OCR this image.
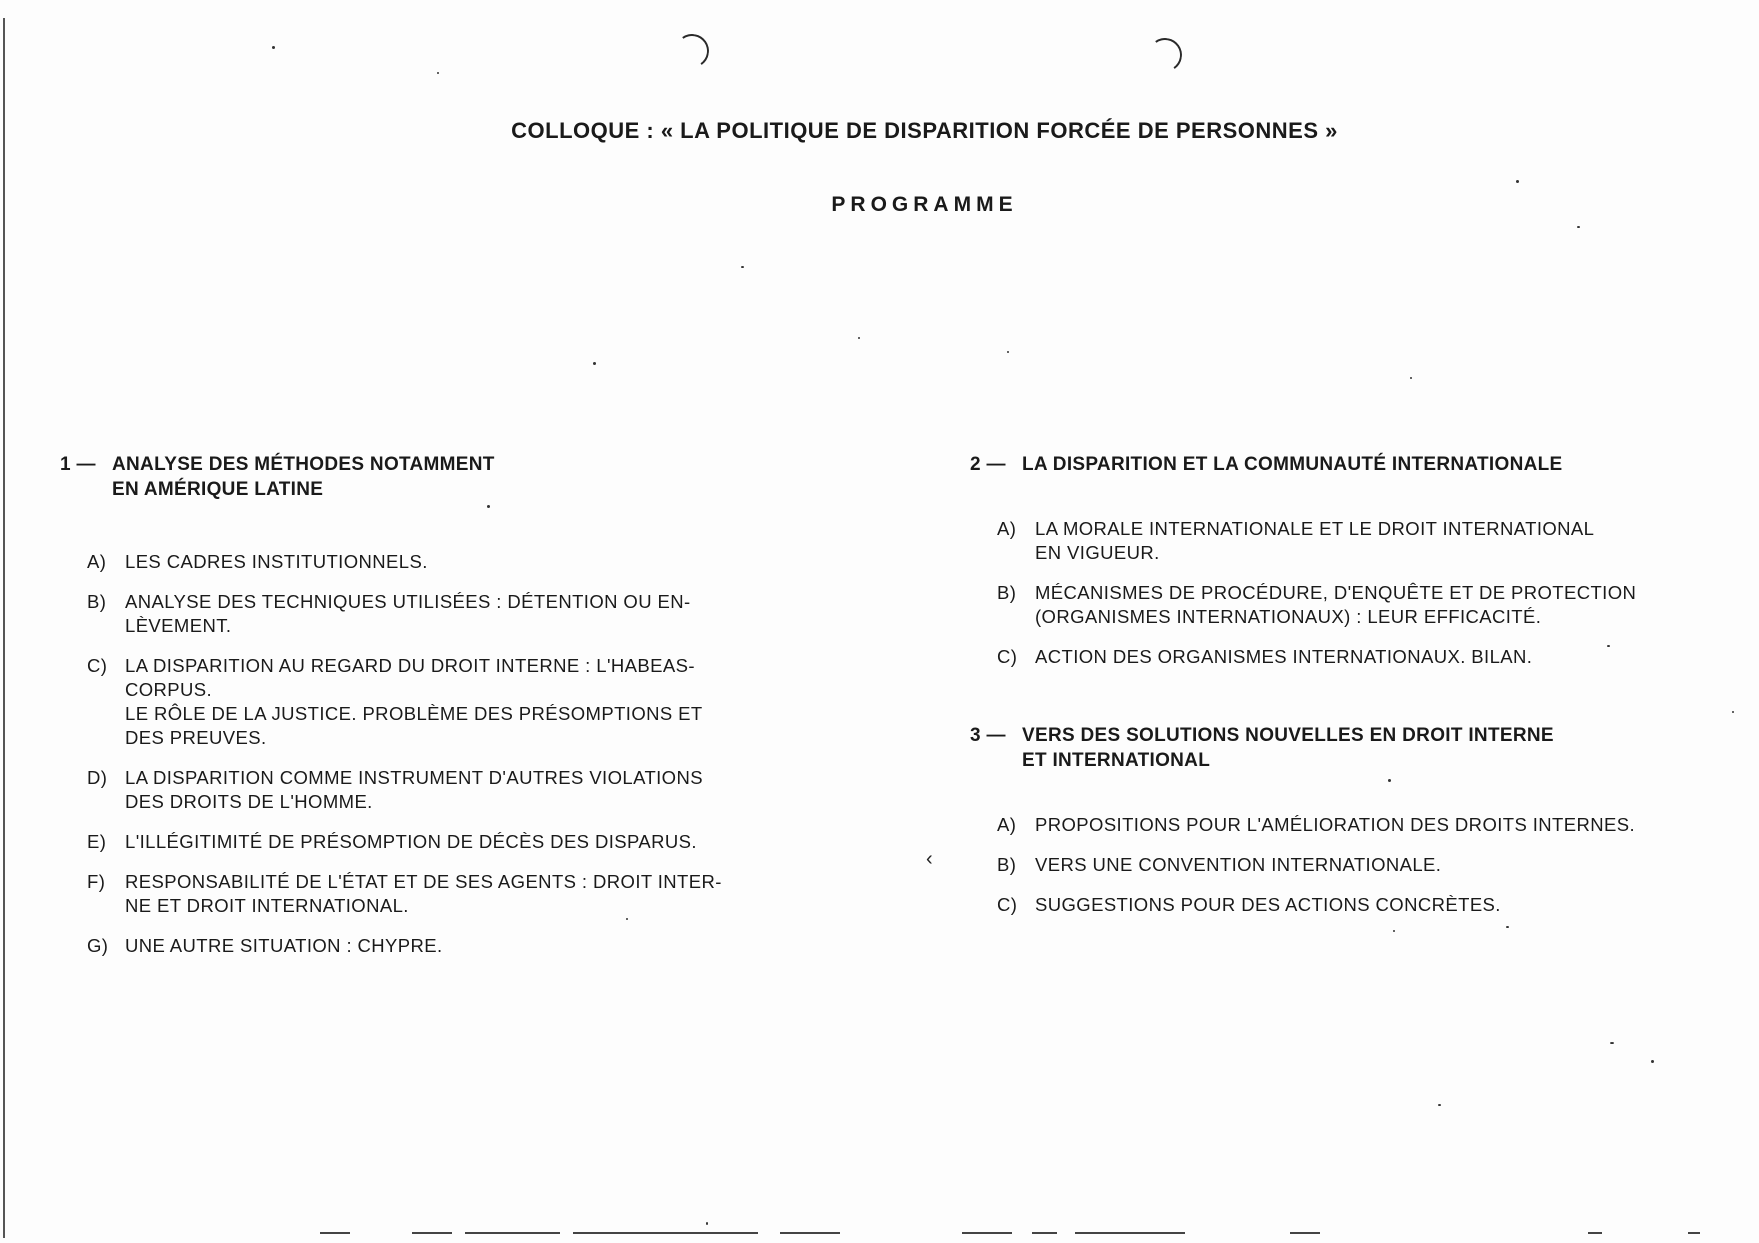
COLLOQUE : « LA POLITIQUE DE DISPARITION FORCÉE DE PERSONNES »
PROGRAMME
1 — ANALYSE DES MÉTHODES NOTAMMENT
EN AMÉRIQUE LATINE
A)	LES CADRES INSTITUTIONNELS.
B)	ANALYSE DES TECHNIQUES UTILISÉES : DÉTENTION OU EN-
LÈVEMENT.
C) LA DISPARITION AU REGARD DU DROIT INTERNE : L'HABEAS-
CORPUS.
LE RÔLE DE LA JUSTICE. PROBLÈME DES PRÉSOMPTIONS ET
DES PREUVES.
D) LA DISPARITION COMME INSTRUMENT D'AUTRES VIOLATIONS
DES DROITS DE L'HOMME.
E)	L'ILLÉGITIMITÉ DE PRÉSOMPTION DE DÉCÈS DES DISPARUS.
F)	RESPONSABILITÉ DE L'ÉTAT ET DE SES AGENTS : DROIT INTER-
NE ET DROIT INTERNATIONAL.
G) UNE AUTRE SITUATION : CHYPRE.
2 — LA DISPARITION ET LA COMMUNAUTÉ INTERNATIONALE
A)	LA MORALE INTERNATIONALE ET LE DROIT INTERNATIONAL
EN VIGUEUR.
B)	MÉCANISMES DE PROCÉDURE, D'ENQUÊTE ET DE PROTECTION
(ORGANISMES INTERNATIONAUX) : LEUR EFFICACITÉ.
C) ACTION DES ORGANISMES INTERNATIONAUX. BILAN.
3 — VERS DES SOLUTIONS NOUVELLES EN DROIT INTERNE
ET INTERNATIONAL
A)	PROPOSITIONS POUR L'AMÉLIORATION DES DROITS INTERNES.
B)	VERS UNE CONVENTION INTERNATIONALE.
C) SUGGESTIONS POUR DES ACTIONS CONCRÈTES.
‹
